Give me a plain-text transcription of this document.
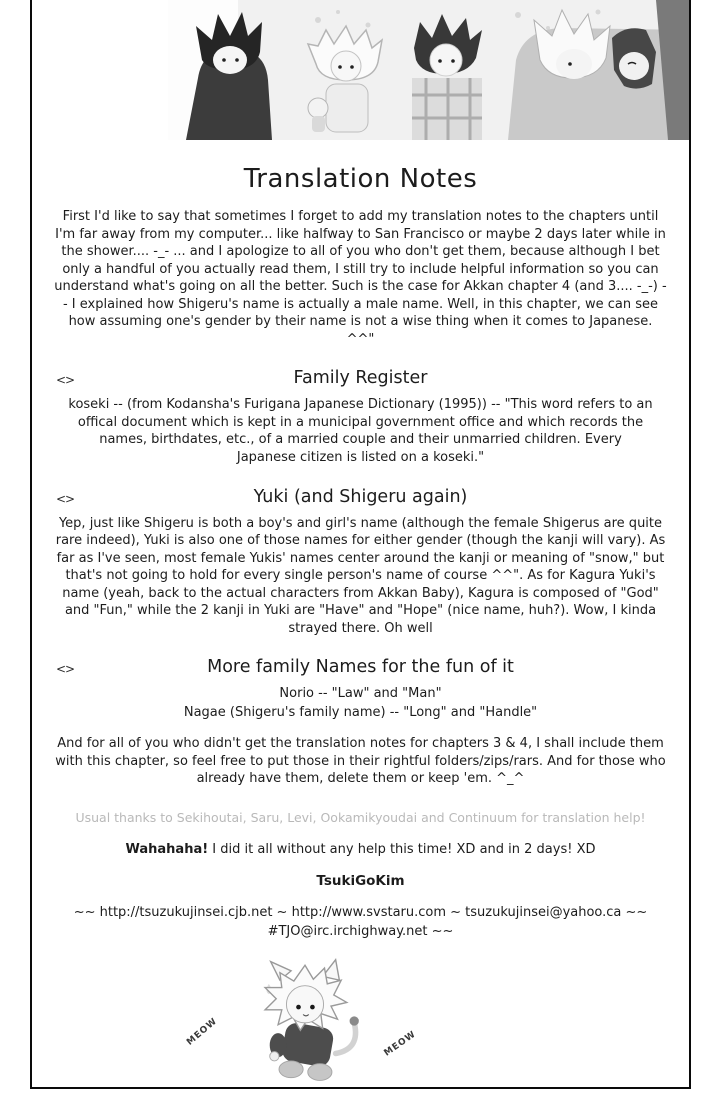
Translation Notes

First I'd like to say that sometimes I forget to add my translation notes to the chapters until I'm far away from my computer... like halfway to San Francisco or maybe 2 days later while in the shower.... -_- ... and I apologize to all of you who don't get them, because although I bet only a handful of you actually read them, I still try to include helpful information so you can understand what's going on all the better. Such is the case for Akkan chapter 4 (and 3.... -_-) -- I explained how Shigeru's name is actually a male name. Well, in this chapter, we can see how assuming one's gender by their name is not a wise thing when it comes to Japanese. ^^"

<>	Family Register

koseki -- (from Kodansha's Furigana Japanese Dictionary (1995)) -- "This word refers to an offical document which is kept in a municipal government office and which records the names, birthdates, etc., of a married couple and their unmarried children. Every Japanese citizen is listed on a koseki."

<>	Yuki (and Shigeru again)

Yep, just like Shigeru is both a boy's and girl's name (although the female Shigerus are quite rare indeed), Yuki is also one of those names for either gender (though the kanji will vary). As far as I've seen, most female Yukis' names center around the kanji or meaning of "snow," but that's not going to hold for every single person's name of course ^^". As for Kagura Yuki's name (yeah, back to the actual characters from Akkan Baby), Kagura is composed of "God" and "Fun," while the 2 kanji in Yuki are "Have" and "Hope" (nice name, huh?). Wow, I kinda strayed there. Oh well

<>	More family Names for the fun of it
Norio -- "Law" and "Man"
Nagae (Shigeru's family name) -- "Long" and "Handle"

And for all of you who didn't get the translation notes for chapters 3 & 4, I shall include them with this chapter, so feel free to put those in their rightful folders/zips/rars. And for those who already have them, delete them or keep 'em. ^_^

Usual thanks to Sekihoutai, Saru, Levi, Ookamikyoudai and Continuum for translation help!

Wahahaha! I did it all without any help this time! XD and in 2 days! XD

TsukiGoKim

~~ http://tsuzukujinsei.cjb.net ~ http://www.svstaru.com ~ tsuzukujinsei@yahoo.ca ~~
#TJO@irc.irchighway.net ~~
MEOW	MEOW
